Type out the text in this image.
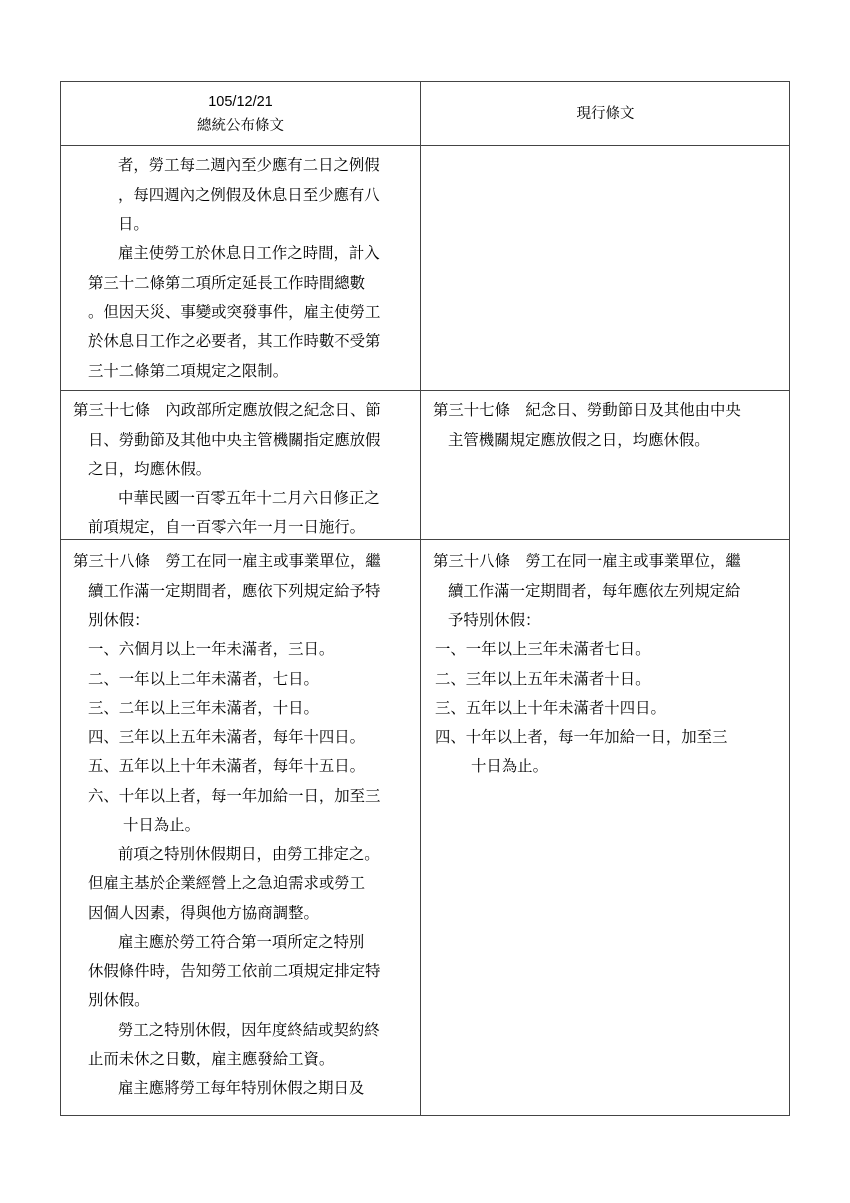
105/12/21
總統公布條文
現行條文
者，勞工每二週內至少應有二日之例假
，每四週內之例假及休息日至少應有八
日。
雇主使勞工於休息日工作之時間，計入
第三十二條第二項所定延長工作時間總數
。但因天災、事變或突發事件，雇主使勞工
於休息日工作之必要者，其工作時數不受第
三十二條第二項規定之限制。
第三十七條　內政部所定應放假之紀念日、節
日、勞動節及其他中央主管機關指定應放假
之日，均應休假。
中華民國一百零五年十二月六日修正之
前項規定，自一百零六年一月一日施行。
第三十八條　勞工在同一雇主或事業單位，繼
續工作滿一定期間者，應依下列規定給予特
別休假：
一、六個月以上一年未滿者，三日。
二、一年以上二年未滿者，七日。
三、二年以上三年未滿者，十日。
四、三年以上五年未滿者，每年十四日。
五、五年以上十年未滿者，每年十五日。
六、十年以上者，每一年加給一日，加至三
十日為止。
前項之特別休假期日，由勞工排定之。
但雇主基於企業經營上之急迫需求或勞工
因個人因素，得與他方協商調整。
雇主應於勞工符合第一項所定之特別
休假條件時，告知勞工依前二項規定排定特
別休假。
勞工之特別休假，因年度終結或契約終
止而未休之日數，雇主應發給工資。
雇主應將勞工每年特別休假之期日及
第三十七條　紀念日、勞動節日及其他由中央
主管機關規定應放假之日，均應休假。
第三十八條　勞工在同一雇主或事業單位，繼
續工作滿一定期間者，每年應依左列規定給
予特別休假：
一、一年以上三年未滿者七日。
二、三年以上五年未滿者十日。
三、五年以上十年未滿者十四日。
四、十年以上者，每一年加給一日，加至三
十日為止。
